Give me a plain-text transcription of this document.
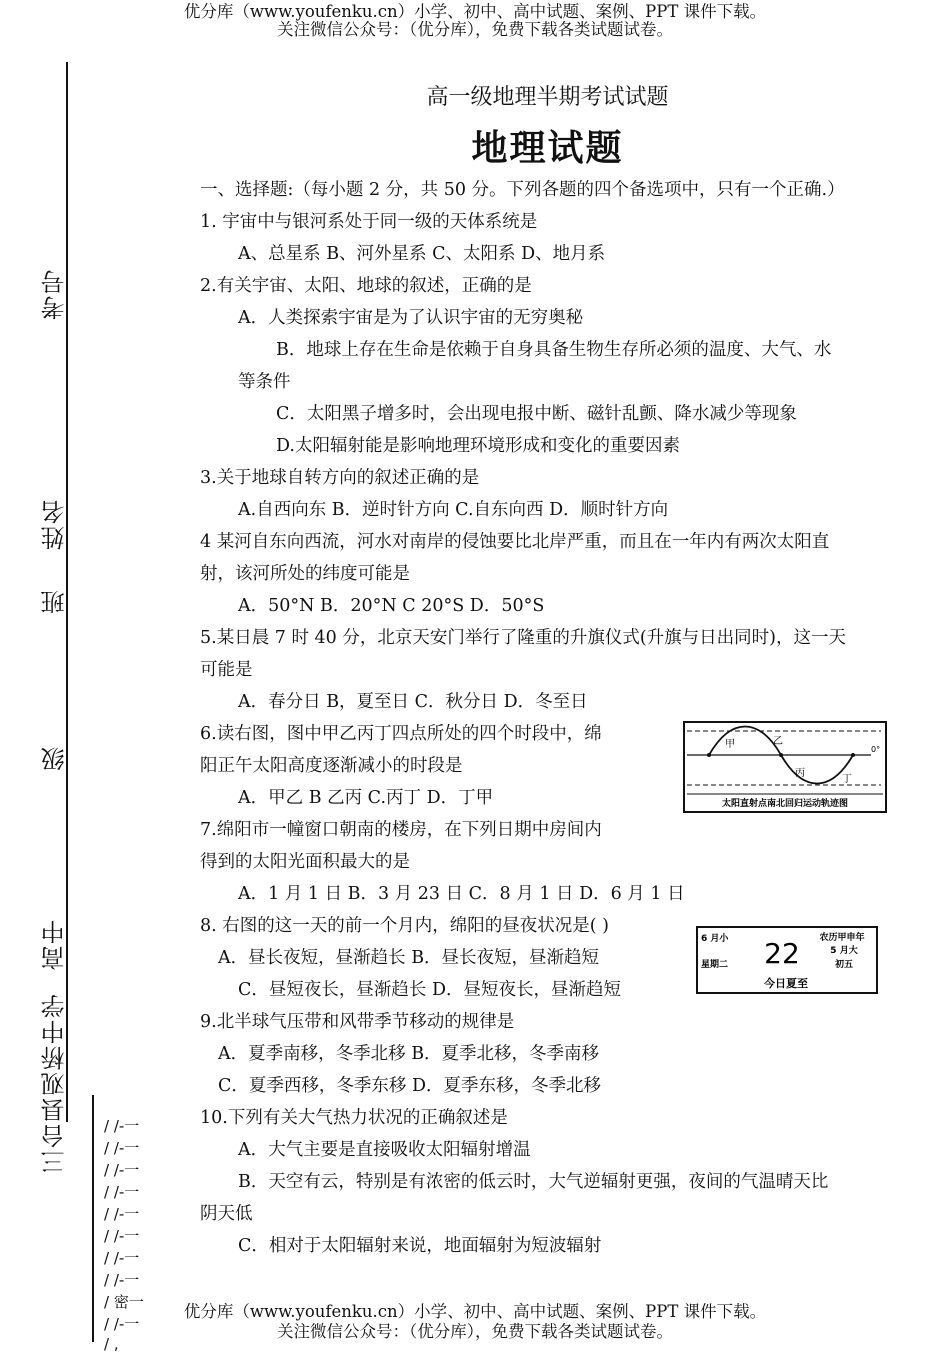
优分库（www.youfenku.cn）小学、初中、高中试题、案例、PPT 课件下载。
关注微信公众号：（优分库），免费下载各类试题试卷。
考号
姓名
班
级
高中
三台县观桥中学 / /-一
/ /-一
/ /-一
/ /-一
/ /-一
/ /-一
/ /-一
/ /-一
/ 密一
/ /-一
/ ,
高一级地理半期考试试题
地理试题
一、选择题:（每小题 2 分，共 50 分。下列各题的四个备选项中，只有一个正确.）
1. 宇宙中与银河系处于同一级的天体系统是
A、总星系 B、河外星系 C、太阳系 D、地月系
2.有关宇宙、太阳、地球的叙述，正确的是
A．人类探索宇宙是为了认识宇宙的无穷奥秘
B．地球上存在生命是依赖于自身具备生物生存所必须的温度、大气、水
等条件
C．太阳黑子增多时，会出现电报中断、磁针乱颤、降水减少等现象
D.太阳辐射能是影响地理环境形成和变化的重要因素
3.关于地球自转方向的叙述正确的是
A.自西向东 B．逆时针方向 C.自东向西 D．顺时针方向
4 某河自东向西流，河水对南岸的侵蚀要比北岸严重，而且在一年内有两次太阳直
射，该河所处的纬度可能是
A．50°N B．20°N C 20°S D．50°S
5.某日晨 7 时 40 分，北京天安门举行了隆重的升旗仪式(升旗与日出同时)，这一天
可能是
A．春分日 B，夏至日 C．秋分日 D．冬至日
6.读右图，图中甲乙丙丁四点所处的四个时段中，绵
阳正午太阳高度逐渐减小的时段是
A．甲乙 B 乙丙 C.丙丁 D．丁甲
7.绵阳市一幢窗口朝南的楼房，在下列日期中房间内
得到的太阳光面积最大的是
A．1 月 1 日 B．3 月 23 日 C．8 月 1 日 D．6 月 1 日
8. 右图的这一天的前一个月内，绵阳的昼夜状况是( )
A．昼长夜短，昼渐趋长 B．昼长夜短，昼渐趋短
C．昼短夜长，昼渐趋长 D．昼短夜长，昼渐趋短
9.北半球气压带和风带季节移动的规律是
A．夏季南移，冬季北移 B．夏季北移，冬季南移
C．夏季西移，冬季东移 D．夏季东移，冬季北移
10.下列有关大气热力状况的正确叙述是
A．大气主要是直接吸收太阳辐射增温
B．天空有云，特别是有浓密的低云时，大气逆辐射更强，夜间的气温晴天比
阴天低
C．相对于太阳辐射来说，地面辐射为短波辐射
甲	乙
丙
丁
0°
太阳直射点南北回归运动轨迹图
6 月小
星期二 22 农历甲申年
5 月大
初五
今日夏至
优分库（www.youfenku.cn）小学、初中、高中试题、案例、PPT 课件下载。
关注微信公众号：（优分库），免费下载各类试题试卷。
